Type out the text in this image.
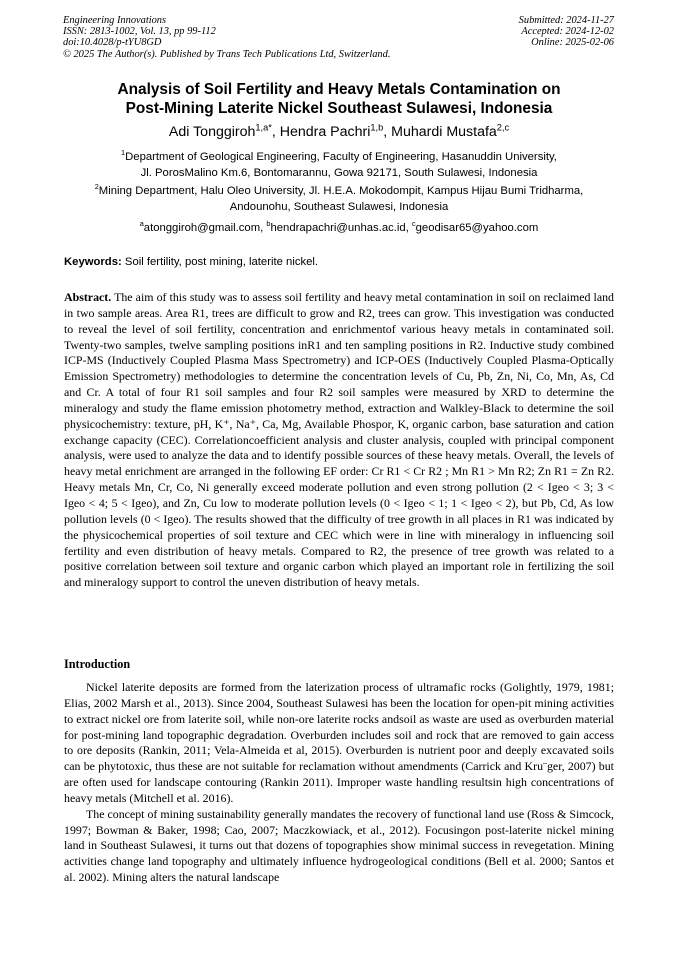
Engineering Innovations
ISSN: 2813-1002, Vol. 13, pp 99-112
doi:10.4028/p-tYU8GD
© 2025 The Author(s). Published by Trans Tech Publications Ltd, Switzerland.
Submitted: 2024-11-27
Accepted: 2024-12-02
Online: 2025-02-06
Analysis of Soil Fertility and Heavy Metals Contamination on
Post-Mining Laterite Nickel Southeast Sulawesi, Indonesia
Adi Tonggiroh$^{1,a*}$, Hendra Pachri$^{1,b}$, Muhardi Mustafa$^{2,c}$
$^1$Department of Geological Engineering, Faculty of Engineering, Hasanuddin University,
Jl. PorosMalino Km.6, Bontomarannu, Gowa 92171, South Sulawesi, Indonesia
$^2$Mining Department, Halu Oleo University, Jl. H.E.A. Mokodompit, Kampus Hijau Bumi Tridharma,
Andounohu, Southeast Sulawesi, Indonesia
$^a$atonggiroh@gmail.com, $^b$hendrapachri@unhas.ac.id, $^c$geodisar65@yahoo.com
Keywords: Soil fertility, post mining, laterite nickel.
Abstract. The aim of this study was to assess soil fertility and heavy metal contamination in soil on reclaimed land in two sample areas. Area R1, trees are difficult to grow and R2, trees can grow. This investigation was conducted to reveal the level of soil fertility, concentration and enrichmentof various heavy metals in contaminated soil. Twenty-two samples, twelve sampling positions inR1 and ten sampling positions in R2. Inductive study combined ICP-MS (Inductively Coupled Plasma Mass Spectrometry) and ICP-OES (Inductively Coupled Plasma-Optically Emission Spectrometry) methodologies to determine the concentration levels of Cu, Pb, Zn, Ni, Co, Mn, As, Cd and Cr. A total of four R1 soil samples and four R2 soil samples were measured by XRD to determine the mineralogy and study the flame emission photometry method, extraction and Walkley-Black to determine the soil physicochemistry: texture, pH, K⁺, Na⁺, Ca, Mg, Available Phospor, K, organic carbon, base saturation and cation exchange capacity (CEC). Correlationcoefficient analysis and cluster analysis, coupled with principal component analysis, were used to analyze the data and to identify possible sources of these heavy metals. Overall, the levels of heavy metal enrichment are arranged in the following EF order: Cr R1 < Cr R2 ; Mn R1 > Mn R2; Zn R1 = Zn R2. Heavy metals Mn, Cr, Co, Ni generally exceed moderate pollution and even strong pollution (2 < Igeo < 3; 3 < Igeo < 4; 5 < Igeo), and Zn, Cu low to moderate pollution levels (0 < Igeo < 1; 1 < Igeo < 2), but Pb, Cd, As low pollution levels (0 < Igeo). The results showed that the difficulty of tree growth in all places in R1 was indicated by the physicochemical properties of soil texture and CEC which were in line with mineralogy in influencing soil fertility and even distribution of heavy metals. Compared to R2, the presence of tree growth was related to a positive correlation between soil texture and organic carbon which played an important role in fertilizing the soil and mineralogy support to control the uneven distribution of heavy metals.
Introduction

Nickel laterite deposits are formed from the laterization process of ultramafic rocks (Golightly, 1979, 1981; Elias, 2002 Marsh et al., 2013). Since 2004, Southeast Sulawesi has been the location for open-pit mining activities to extract nickel ore from laterite soil, while non-ore laterite rocks andsoil as waste are used as overburden material for post-mining land topographic degradation. Overburden includes soil and rock that are removed to gain access to ore deposits (Rankin, 2011; Vela-Almeida et al, 2015). Overburden is nutrient poor and deeply excavated soils can be phytotoxic, thus these are not suitable for reclamation without amendments (Carrick and Kru¨ger, 2007) but are often used for landscape contouring (Rankin 2011). Improper waste handling resultsin high concentrations of heavy metals (Mitchell et al. 2016).

The concept of mining sustainability generally mandates the recovery of functional land use (Ross & Simcock, 1997; Bowman & Baker, 1998; Cao, 2007; Maczkowiack, et al., 2012). Focusingon post-laterite nickel mining land in Southeast Sulawesi, it turns out that dozens of topographies show minimal success in revegetation. Mining activities change land topography and ultimately influence hydrogeological conditions (Bell et al. 2000; Santos et al. 2002). Mining alters the natural landscape
